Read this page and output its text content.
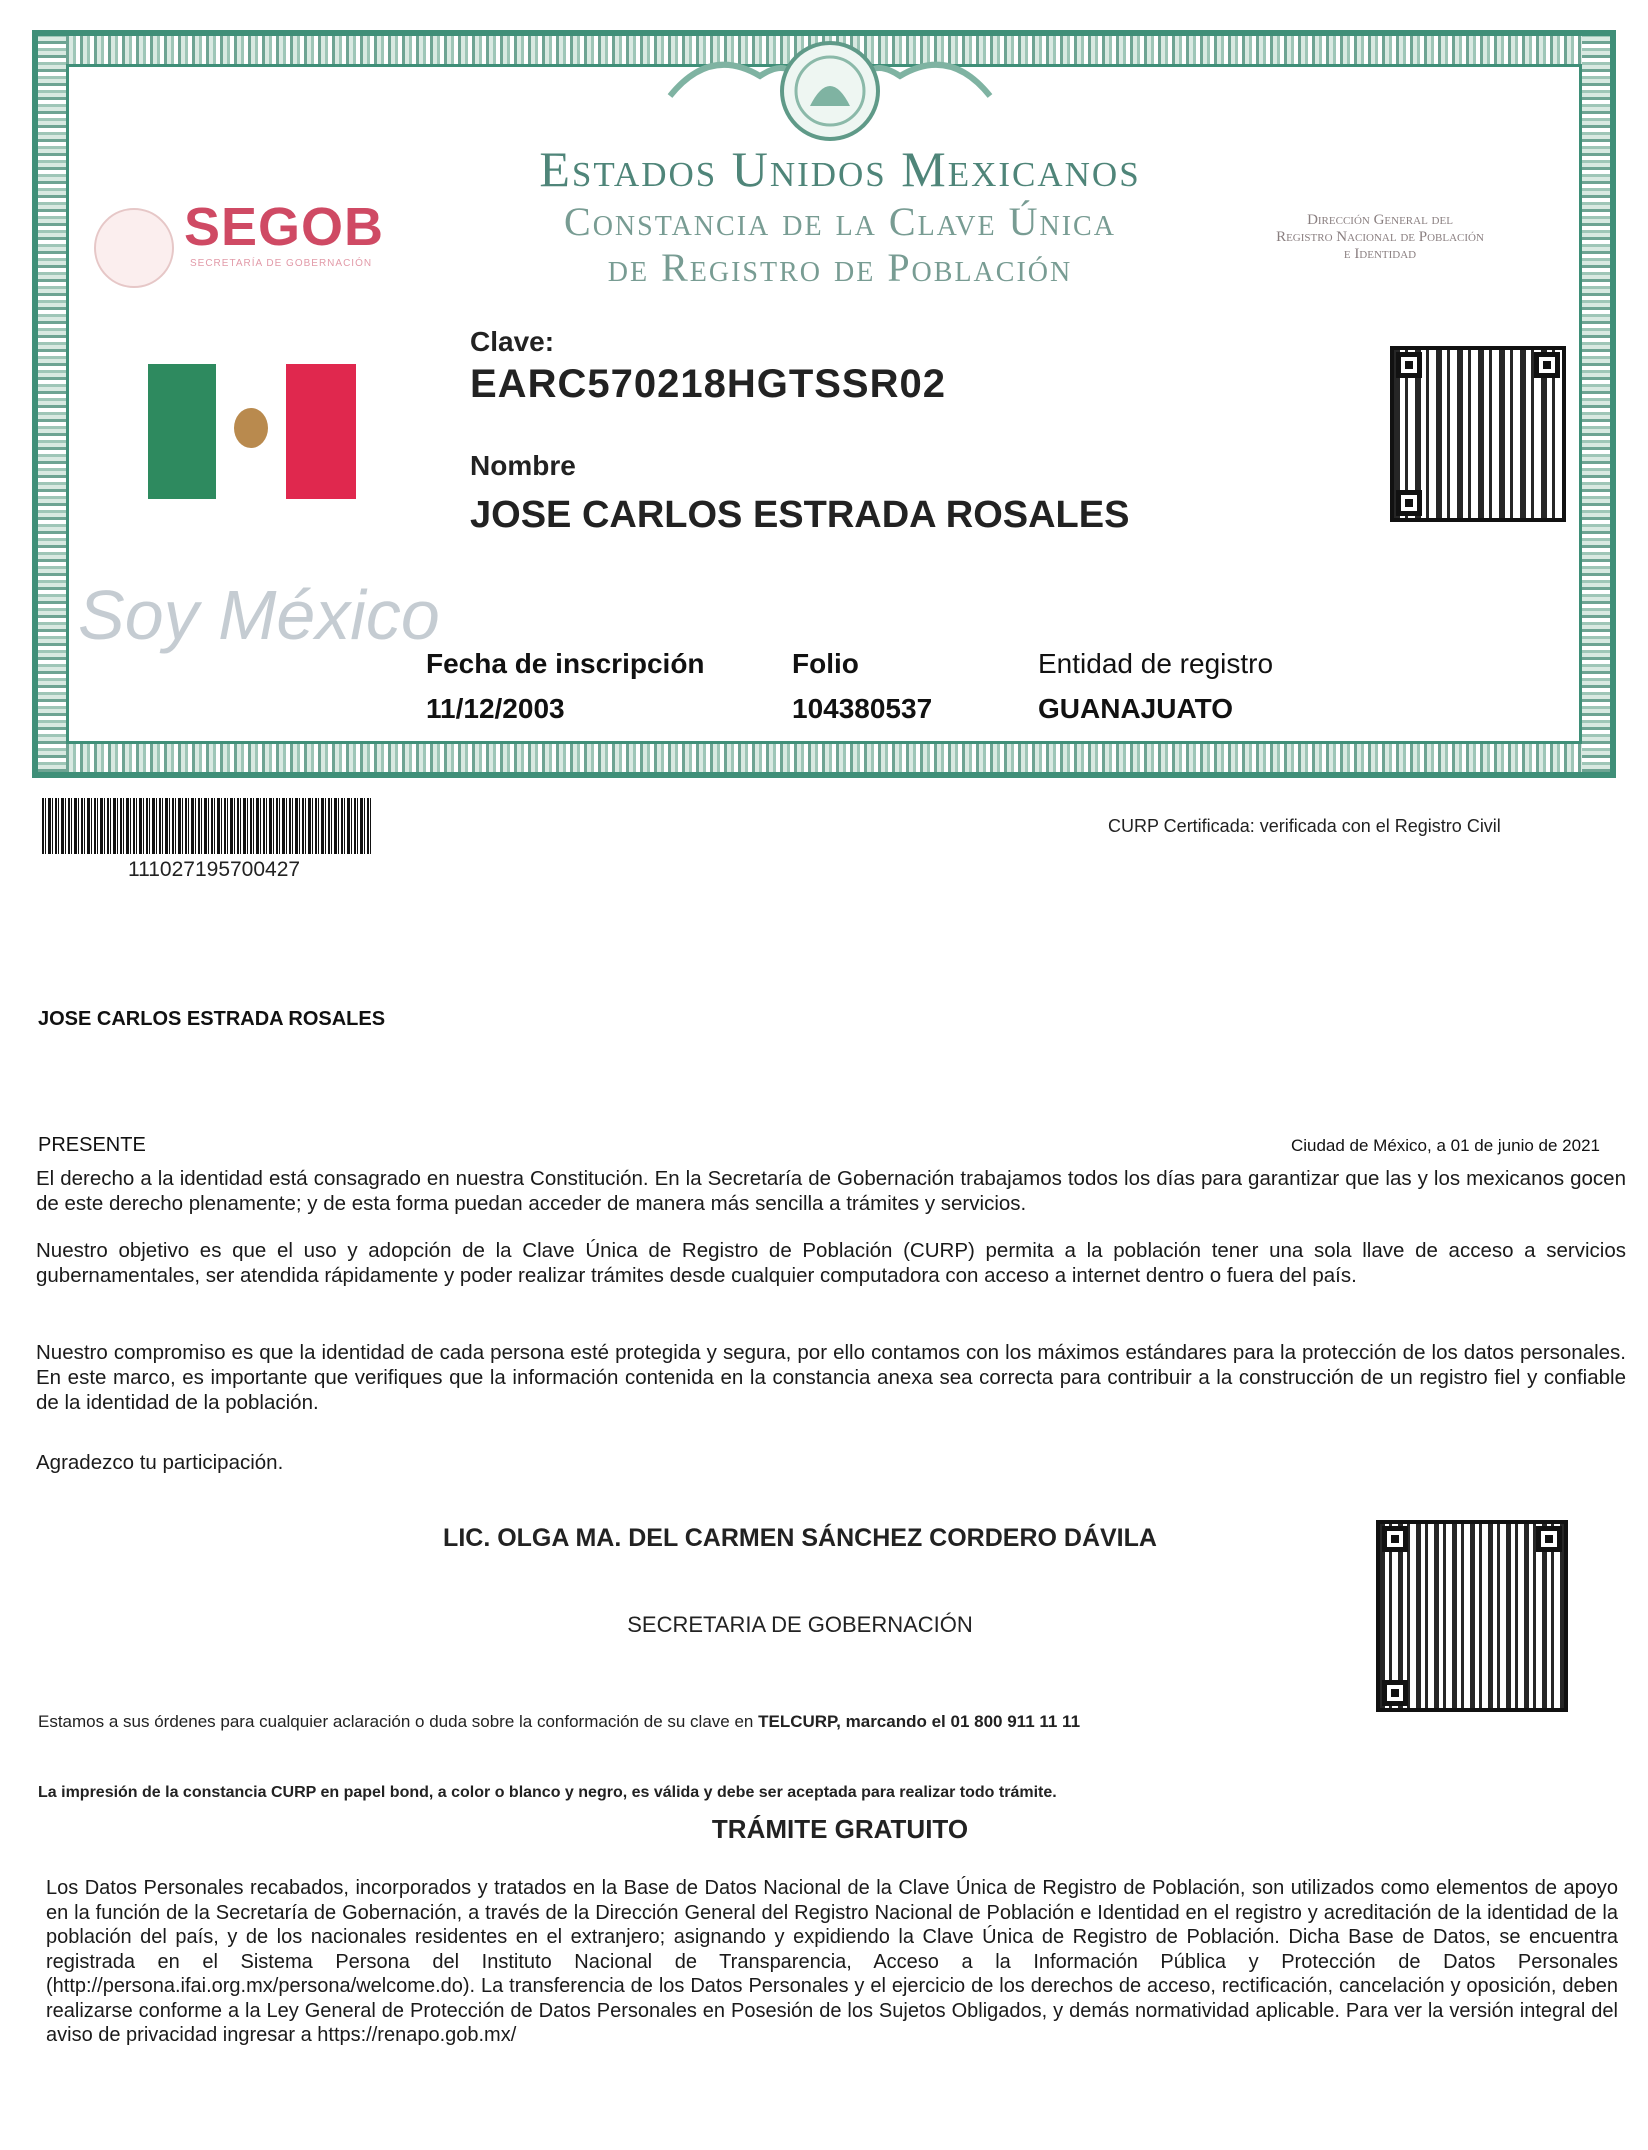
Estados Unidos Mexicanos
Constancia de la Clave Única
de Registro de Población
Dirección General del
Registro Nacional de Población
e Identidad
SEGOB
SECRETARÍA DE GOBERNACIÓN
Soy México
Clave:
EARC570218HGTSSR02
Nombre
JOSE CARLOS ESTRADA ROSALES
Fecha de inscripción
11/12/2003
Folio
104380537
Entidad de registro
GUANAJUATO
111027195700427
CURP Certificada: verificada con el Registro Civil
JOSE CARLOS ESTRADA ROSALES
PRESENTE	Ciudad de México, a 01 de junio de 2021
El derecho a la identidad está consagrado en nuestra Constitución. En la Secretaría de Gobernación trabajamos todos los días para garantizar que las y los mexicanos gocen de este derecho plenamente; y de esta forma puedan acceder de manera más sencilla a trámites y servicios.
Nuestro objetivo es que el uso y adopción de la Clave Única de Registro de Población (CURP) permita a la población tener una sola llave de acceso a servicios gubernamentales, ser atendida rápidamente y poder realizar trámites desde cualquier computadora con acceso a internet dentro o fuera del país.
Nuestro compromiso es que la identidad de cada persona esté protegida y segura, por ello contamos con los máximos estándares para la protección de los datos personales. En este marco, es importante que verifiques que la información contenida en la constancia anexa sea correcta para contribuir a la construcción de un registro fiel y confiable de la identidad de la población.
Agradezco tu participación.
LIC. OLGA MA. DEL CARMEN SÁNCHEZ CORDERO DÁVILA
SECRETARIA DE GOBERNACIÓN
Estamos a sus órdenes para cualquier aclaración o duda sobre la conformación de su clave en TELCURP, marcando el 01 800 911 11 11
La impresión de la constancia CURP en papel bond, a color o blanco y negro, es válida y debe ser aceptada para realizar todo trámite.
TRÁMITE GRATUITO
Los Datos Personales recabados, incorporados y tratados en la Base de Datos Nacional de la Clave Única de Registro de Población, son utilizados como elementos de apoyo en la función de la Secretaría de Gobernación, a través de la Dirección General del Registro Nacional de Población e Identidad en el registro y acreditación de la identidad de la población del país, y de los nacionales residentes en el extranjero; asignando y expidiendo la Clave Única de Registro de Población. Dicha Base de Datos, se encuentra registrada en el Sistema Persona del Instituto Nacional de Transparencia, Acceso a la Información Pública y Protección de Datos Personales (http://persona.ifai.org.mx/persona/welcome.do). La transferencia de los Datos Personales y el ejercicio de los derechos de acceso, rectificación, cancelación y oposición, deben realizarse conforme a la Ley General de Protección de Datos Personales en Posesión de los Sujetos Obligados, y demás normatividad aplicable. Para ver la versión integral del aviso de privacidad ingresar a https://renapo.gob.mx/
